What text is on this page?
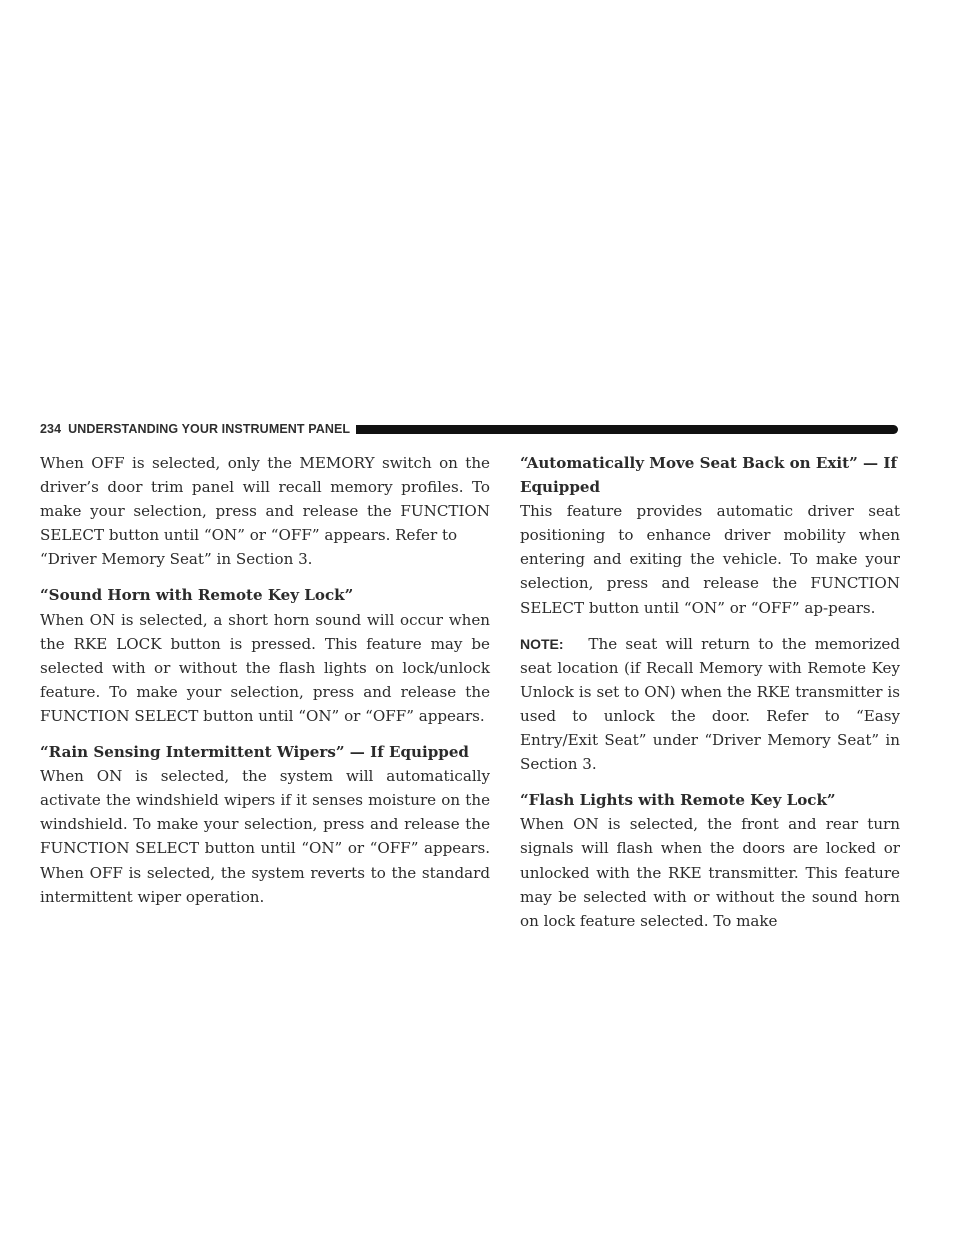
234 UNDERSTANDING YOUR INSTRUMENT PANEL

When OFF is selected, only the MEMORY switch on the driver’s door trim panel will recall memory profiles. To make your selection, press and release the FUNCTION SELECT button until “ON” or “OFF” appears. Refer to

“Driver Memory Seat” in Section 3.

“Sound Horn with Remote Key Lock”

When ON is selected, a short horn sound will occur when the RKE LOCK button is pressed. This feature may be selected with or without the flash lights on lock/unlock feature. To make your selection, press and release the FUNCTION SELECT button until “ON” or “OFF” appears.

“Rain Sensing Intermittent Wipers” — If Equipped

When ON is selected, the system will automatically activate the windshield wipers if it senses moisture on the windshield. To make your selection, press and release the FUNCTION SELECT button until “ON” or “OFF” appears. When OFF is selected, the system reverts to the standard intermittent wiper operation.

“Automatically Move Seat Back on Exit” — If Equipped

This feature provides automatic driver seat positioning to enhance driver mobility when entering and exiting the vehicle. To make your selection, press and release the FUNCTION SELECT button until “ON” or “OFF” ap-pears.

NOTE: The seat will return to the memorized seat location (if Recall Memory with Remote Key Unlock is set to ON) when the RKE transmitter is used to unlock the door. Refer to “Easy Entry/Exit Seat” under “Driver Memory Seat” in Section 3.

“Flash Lights with Remote Key Lock”

When ON is selected, the front and rear turn signals will flash when the doors are locked or unlocked with the RKE transmitter. This feature may be selected with or without the sound horn on lock feature selected. To make
